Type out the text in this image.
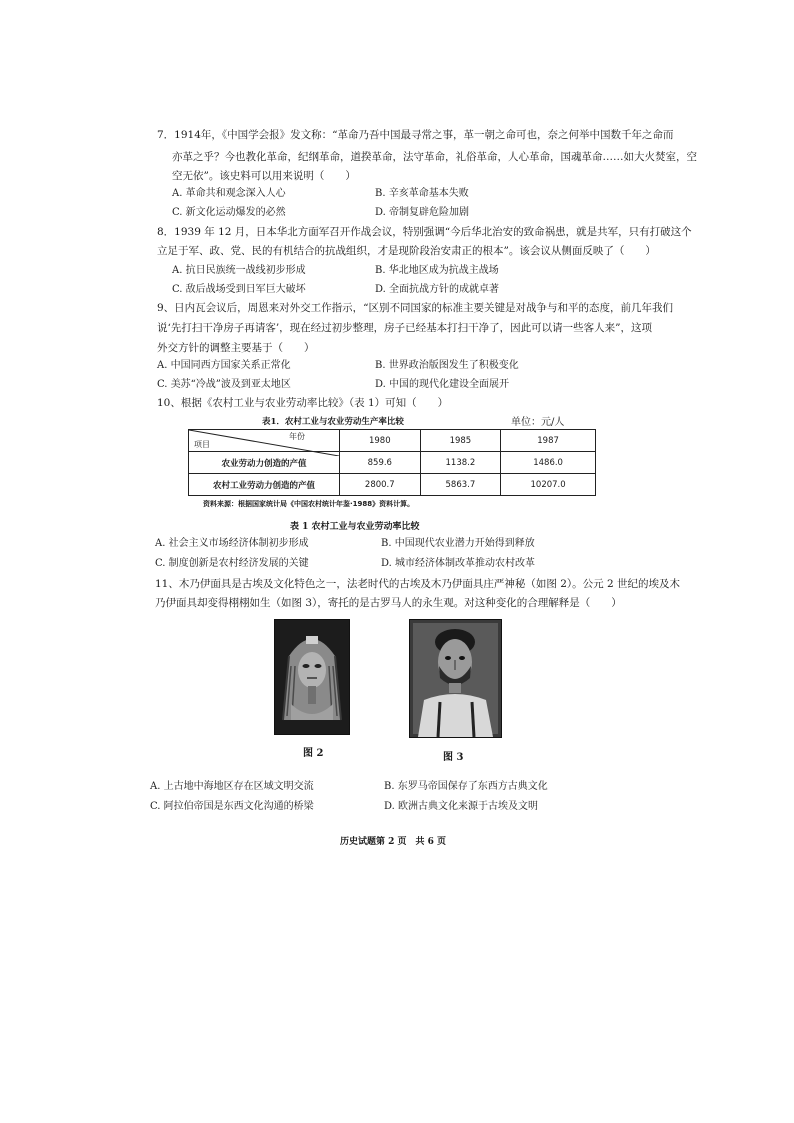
7．1914年，《中国学会报》发文称：“革命乃吾中国最寻常之事，革一朝之命可也，奈之何举中国数千年之命而
亦革之乎？今也教化革命，纪纲革命，道揆革命，法守革命，礼俗革命，人心革命，国魂革命……如大火焚室，空
空无依”。该史料可以用来说明（　　）
A. 革命共和观念深入人心	B. 辛亥革命基本失败
C. 新文化运动爆发的必然	D. 帝制复辟危险加剧
8．1939 年 12 月，日本华北方面军召开作战会议，特别强调“今后华北治安的致命祸患，就是共军，只有打破这个
立足于军、政、党、民的有机结合的抗战组织，才是现阶段治安肃正的根本”。该会议从侧面反映了（　　）
A. 抗日民族统一战线初步形成	B. 华北地区成为抗战主战场
C. 敌后战场受到日军巨大破坏	D. 全面抗战方针的成就卓著
9、日内瓦会议后，周恩来对外交工作指示，“区别不同国家的标准主要关键是对战争与和平的态度，前几年我们
说‘先打扫干净房子再请客’，现在经过初步整理，房子已经基本打扫干净了，因此可以请一些客人来”，这项
外交方针的调整主要基于（　　）
A. 中国同西方国家关系正常化	B. 世界政治版图发生了积极变化
C. 美苏“冷战”波及到亚太地区	D. 中国的现代化建设全面展开
10、根据《农村工业与农业劳动率比较》（表 1）可知（　　）
表1．农村工业与农业劳动生产率比较	单位：元/人
年份
项目	1980	1985	1987
农业劳动力创造的产值	859.6	1138.2	1486.0
农村工业劳动力创造的产值	2800.7	5863.7	10207.0
资料来源：根据国家统计局《中国农村统计年鉴·1988》资料计算。
表 1 农村工业与农业劳动率比较
A. 社会主义市场经济体制初步形成	B. 中国现代农业潜力开始得到释放
C. 制度创新是农村经济发展的关键	D. 城市经济体制改革推动农村改革
11、木乃伊面具是古埃及文化特色之一，法老时代的古埃及木乃伊面具庄严神秘（如图 2）。公元 2 世纪的埃及木
乃伊面具却变得栩栩如生（如图 3），寄托的是古罗马人的永生观。对这种变化的合理解释是（　　）
图 2	图 3
A. 上古地中海地区存在区域文明交流	B. 东罗马帝国保存了东西方古典文化
C. 阿拉伯帝国是东西文化沟通的桥梁	D. 欧洲古典文化来源于古埃及文明
历史试题第 2 页　共 6 页
